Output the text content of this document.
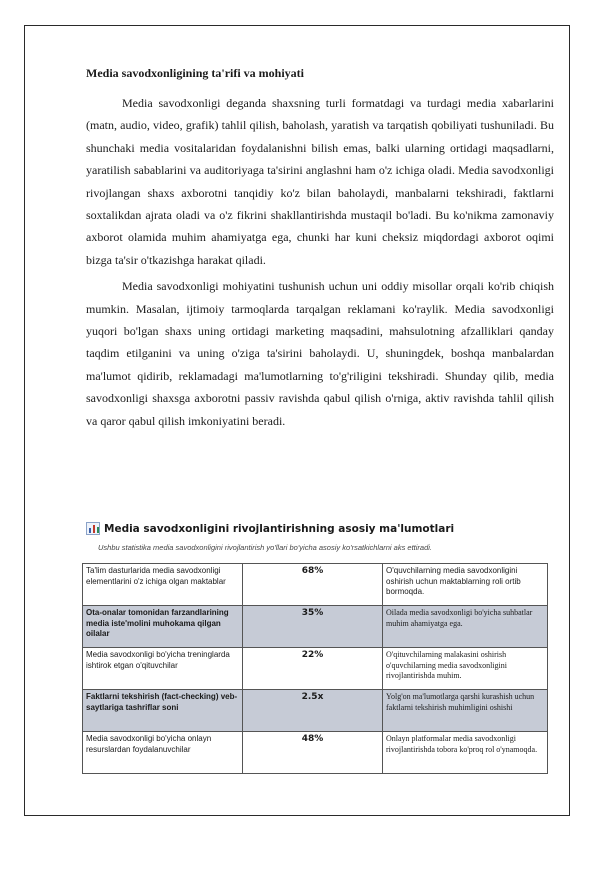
​ ​ ​ ​
Media savodxonligining ta'rifi va mohiyati

Media savodxonligi deganda shaxsning turli formatdagi va turdagi media xabarlarini (matn, audio, video, grafik) tahlil qilish, baholash, yaratish va tarqatish qobiliyati tushuniladi. Bu shunchaki media vositalaridan foydalanishni bilish emas, balki ularning ortidagi maqsadlarni, yaratilish sabablarini va auditoriyaga ta'sirini anglashni ham o'z ichiga oladi. Media savodxonligi rivojlangan shaxs axborotni tanqidiy ko'z bilan baholaydi, manbalarni tekshiradi, faktlarni soxtalikdan ajrata oladi va o'z fikrini shakllantirishda mustaqil bo'ladi. Bu ko'nikma zamonaviy axborot olamida muhim ahamiyatga ega, chunki har kuni cheksiz miqdordagi axborot oqimi bizga ta'sir o'tkazishga harakat qiladi.

Media savodxonligi mohiyatini tushunish uchun uni oddiy misollar orqali ko'rib chiqish mumkin. Masalan, ijtimoiy tarmoqlarda tarqalgan reklamani ko'raylik. Media savodxonligi yuqori bo'lgan shaxs uning ortidagi marketing maqsadini, mahsulotning afzalliklari qanday taqdim etilganini va uning o'ziga ta'sirini baholaydi. U, shuningdek, boshqa manbalardan ma'lumot qidirib, reklamadagi ma'lumotlarning to'g'riligini tekshiradi. Shunday qilib, media savodxonligi shaxsga axborotni passiv ravishda qabul qilish o'rniga, aktiv ravishda tahlil qilish va qaror qabul qilish imkoniyatini beradi.

Media savodxonligini rivojlantirishning asosiy ma'lumotlari
Ushbu statistika media savodxonligini rivojlantirish yo'llari bo'yicha asosiy ko'rsatkichlarni aks ettiradi.
Ta'lim dasturlarida media savodxonligi elementlarini o'z ichiga olgan maktablar	68%	O'quvchilarning media savodxonligini oshirish uchun maktablarning roli ortib bormoqda.
Ota-onalar tomonidan farzandlarining media iste'molini muhokama qilgan oilalar	35%	Oilada media savodxonligi bo'yicha suhbatlar muhim ahamiyatga ega.
Media savodxonligi bo'yicha treninglarda ishtirok etgan o'qituvchilar	22%	O'qituvchilarning malakasini oshirish o'quvchilarning media savodxonligini rivojlantirishda muhim.
Faktlarni tekshirish (fact-checking) veb-saytlariga tashriflar soni	2.5x	Yolg'on ma'lumotlarga qarshi kurashish uchun faktlarni tekshirish muhimligini oshishi
Media savodxonligi bo'yicha onlayn resurslardan foydalanuvchilar	48%	Onlayn platformalar media savodxonligi rivojlantirishda tobora ko'proq rol o'ynamoqda.
